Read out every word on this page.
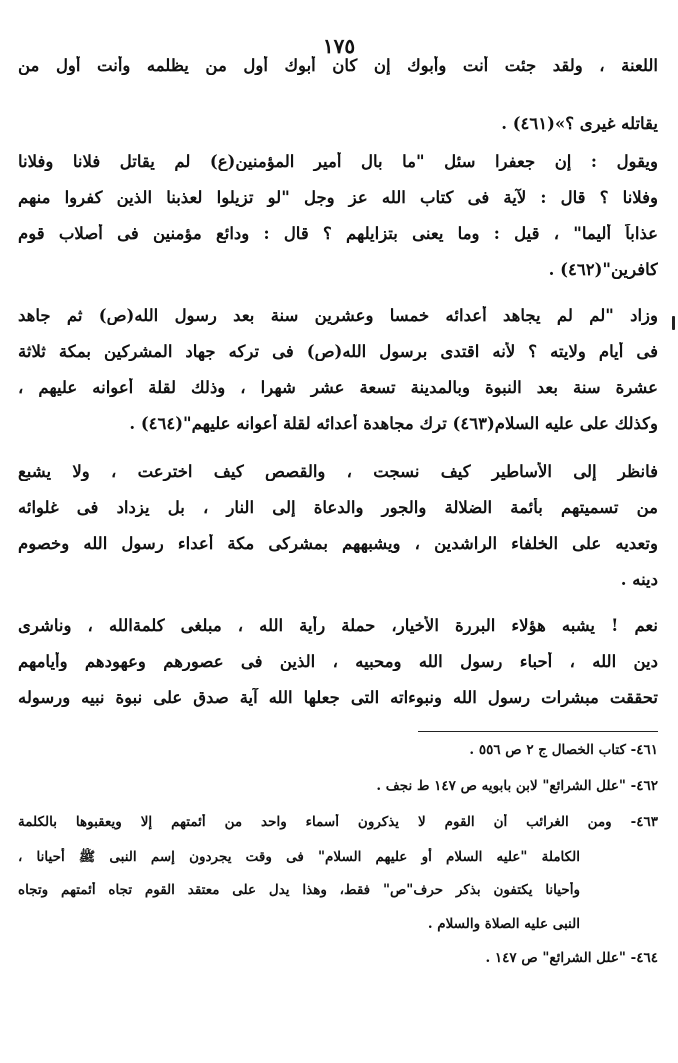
١٧٥
اللعنة ، ولقد جئت أنت وأبوك إن كان أبوك أول من يظلمه وأنت أول من
يقاتله غيرى ؟»(٤٦١) .
ويقول : إن جعفرا سئل "ما بال أمير المؤمنين(ع) لم يقاتل فلانا وفلانا
وفلانا ؟ قال : لآية فى كتاب الله عز وجل "لو تزيلوا لعذبنا الذين كفروا منهم
عذاباً أليما" ، قيل : وما يعنى بتزايلهم ؟ قال : ودائع مؤمنين فى أصلاب قوم
كافرين"(٤٦٢) .
وزاد "لم لم يجاهد أعدائه خمسا وعشرين سنة بعد رسول الله(ص) ثم جاهد
فى أيام ولايته ؟ لأنه اقتدى برسول الله(ص) فى تركه جهاد المشركين بمكة ثلاثة
عشرة سنة بعد النبوة وبالمدينة تسعة عشر شهرا ، وذلك لقلة أعوانه عليهم ،
وكذلك على عليه السلام(٤٦٣) ترك مجاهدة أعدائه لقلة أعوانه عليهم"(٤٦٤) .
فانظر إلى الأساطير كيف نسجت ، والقصص كيف اخترعت ، ولا يشبع
من تسميتهم بأئمة الضلالة والجور والدعاة إلى النار ، بل يزداد فى غلوائه
وتعديه على الخلفاء الراشدين ، ويشبههم بمشركى مكة أعداء رسول الله وخصوم
دينه .
نعم ! يشبه هؤلاء البررة الأخيار، حملة رأية الله ، مبلغى كلمةالله ، وناشرى
دين الله ، أحباء رسول الله ومحبيه ، الذين فى عصورهم وعهودهم وأيامهم
تحققت مبشرات رسول الله ونبوءاته التى جعلها الله آية صدق على نبوة نبيه ورسوله
٤٦١- كتاب الخصال ج ٢ ص ٥٥٦ .
٤٦٢- "علل الشرائع" لابن بابويه ص ١٤٧ ط نجف .
٤٦٣- ومن الغرائب أن القوم لا يذكرون أسماء واحد من أئمتهم إلا ويعقبوها بالكلمة
الكاملة "عليه السلام أو عليهم السلام" فى وقت يجردون إسم النبى ﷺ أحيانا ،
وأحيانا يكتفون بذكر حرف"ص" فقط، وهذا يدل على معتقد القوم تجاه أئمتهم وتجاه
النبى عليه الصلاة والسلام .
٤٦٤- "علل الشرائع" ص ١٤٧ .
